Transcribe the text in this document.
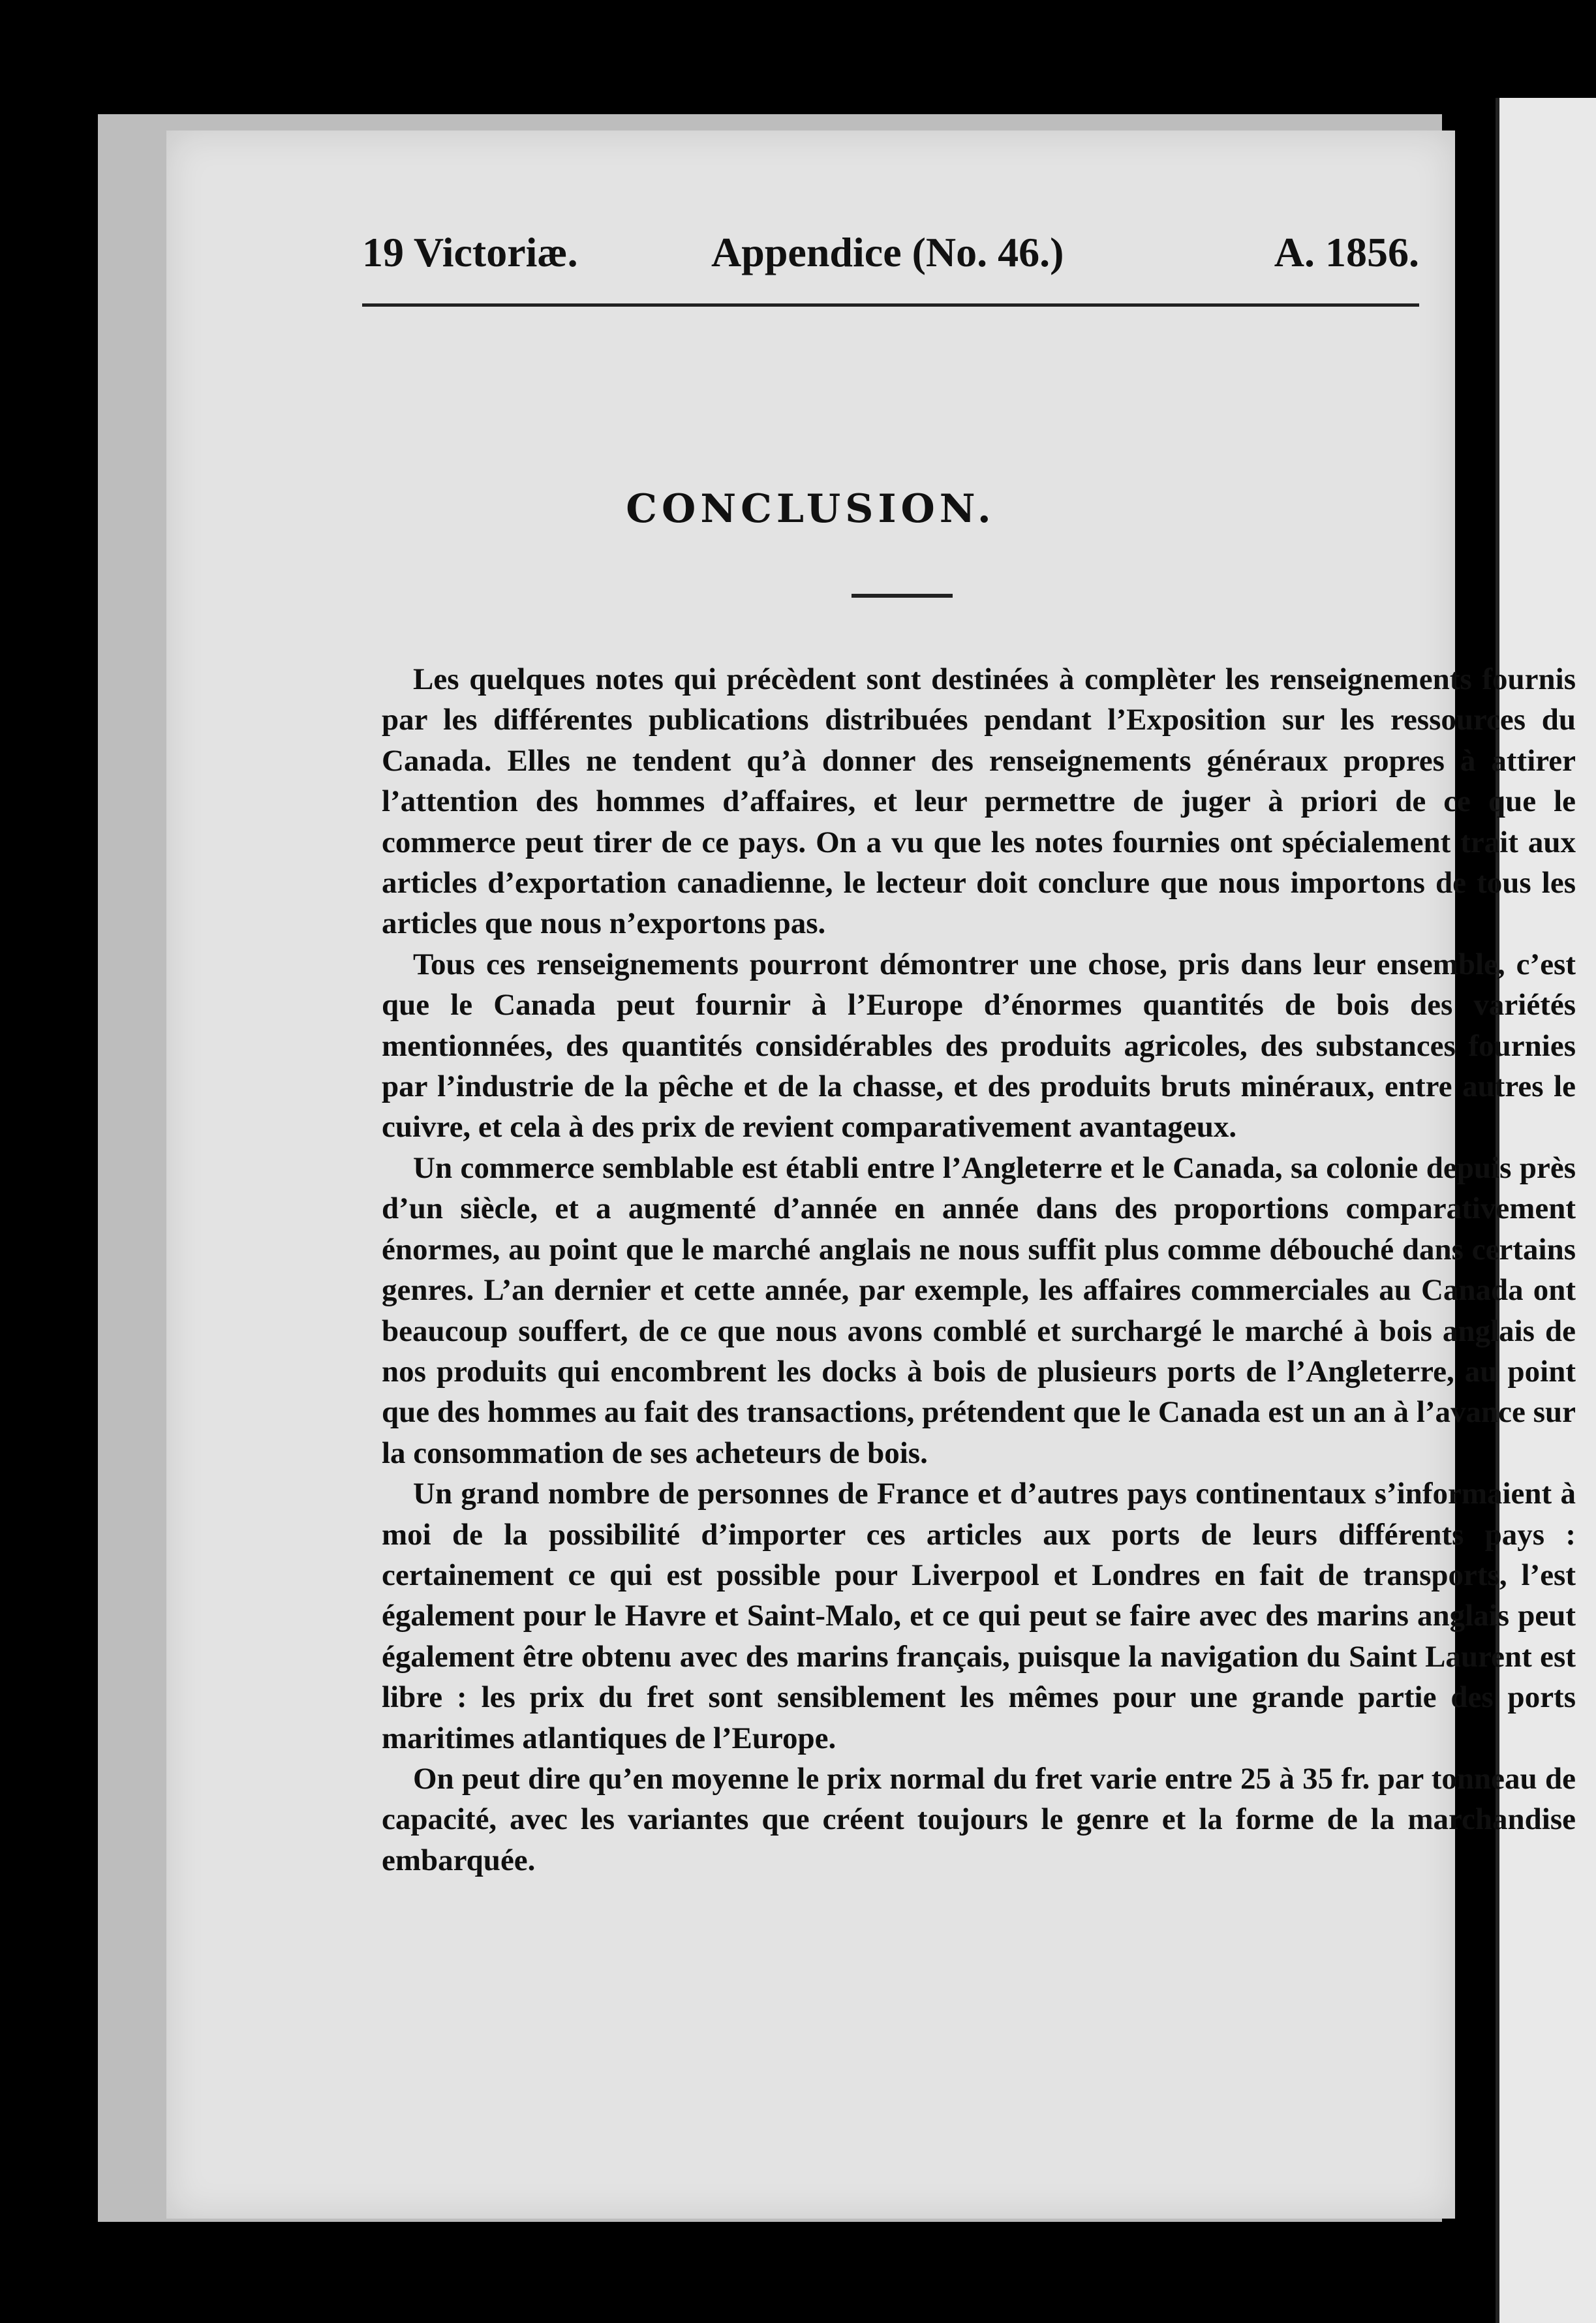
19 Victoriæ.	Appendice (No. 46.)	A. 1856.
CONCLUSION.

Les quelques notes qui précèdent sont destinées à complèter les renseignements fournis par les différentes publications distribuées pendant l’Exposition sur les ressources du Canada. Elles ne tendent qu’à donner des renseignements généraux propres à attirer l’attention des hommes d’affaires, et leur permettre de juger à priori de ce que le commerce peut tirer de ce pays. On a vu que les notes fournies ont spécialement trait aux articles d’exportation canadienne, le lecteur doit conclure que nous importons de tous les articles que nous n’exportons pas.

Tous ces renseignements pourront démontrer une chose, pris dans leur ensemble, c’est que le Canada peut fournir à l’Europe d’énormes quantités de bois des variétés mentionnées, des quantités considérables des produits agricoles, des substances fournies par l’industrie de la pêche et de la chasse, et des produits bruts minéraux, entre autres le cuivre, et cela à des prix de revient comparativement avantageux.

Un commerce semblable est établi entre l’Angleterre et le Canada, sa colonie depuis près d’un siècle, et a augmenté d’année en année dans des proportions comparativement énormes, au point que le marché anglais ne nous suffit plus comme débouché dans certains genres. L’an dernier et cette année, par exemple, les affaires commerciales au Canada ont beaucoup souffert, de ce que nous avons comblé et surchargé le marché à bois anglais de nos produits qui encombrent les docks à bois de plusieurs ports de l’Angleterre, au point que des hommes au fait des transactions, prétendent que le Canada est un an à l’avance sur la consommation de ses acheteurs de bois.

Un grand nombre de personnes de France et d’autres pays continentaux s’informaient à moi de la possibilité d’importer ces articles aux ports de leurs différents pays : certainement ce qui est possible pour Liverpool et Londres en fait de transports, l’est également pour le Havre et Saint-Malo, et ce qui peut se faire avec des marins anglais peut également être obtenu avec des marins français, puisque la navigation du Saint Laurent est libre : les prix du fret sont sensiblement les mêmes pour une grande partie des ports maritimes atlantiques de l’Europe.

On peut dire qu’en moyenne le prix normal du fret varie entre 25 à 35 fr. par tonneau de capacité, avec les variantes que créent toujours le genre et la forme de la marchandise embarquée.
